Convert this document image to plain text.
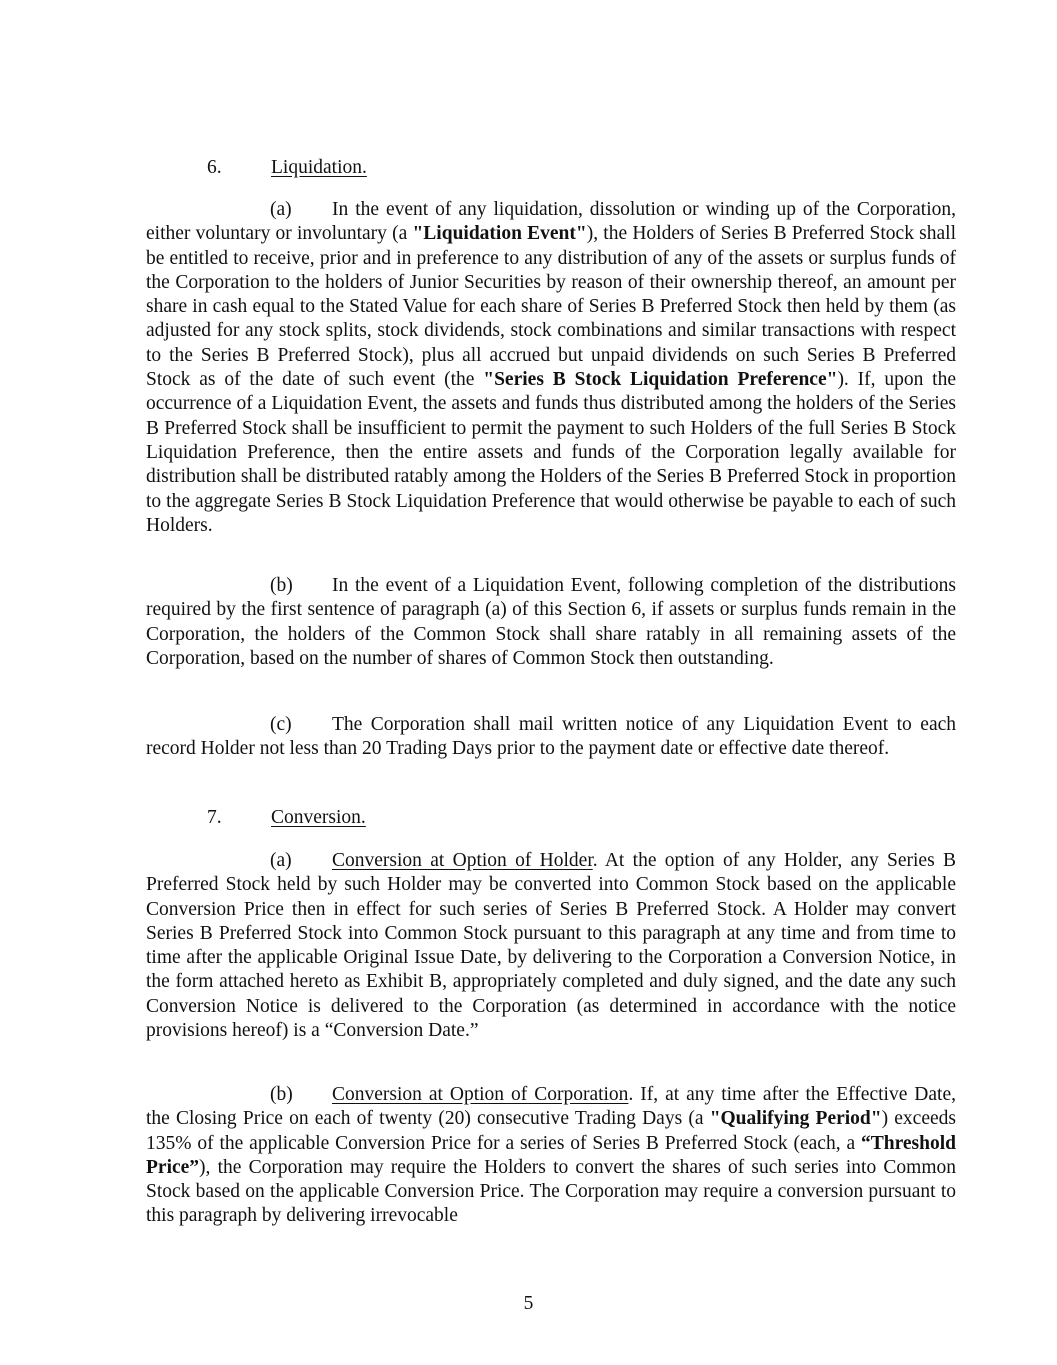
6.	Liquidation.

(a) In the event of any liquidation, dissolution or winding up of the Corporation, either voluntary or involuntary (a "Liquidation Event"), the Holders of Series B Preferred Stock shall be entitled to receive, prior and in preference to any distribution of any of the assets or surplus funds of the Corporation to the holders of Junior Securities by reason of their ownership thereof, an amount per share in cash equal to the Stated Value for each share of Series B Preferred Stock then held by them (as adjusted for any stock splits, stock dividends, stock combinations and similar transactions with respect to the Series B Preferred Stock), plus all accrued but unpaid dividends on such Series B Preferred Stock as of the date of such event (the "Series B Stock Liquidation Preference"). If, upon the occurrence of a Liquidation Event, the assets and funds thus distributed among the holders of the Series B Preferred Stock shall be insufficient to permit the payment to such Holders of the full Series B Stock Liquidation Preference, then the entire assets and funds of the Corporation legally available for distribution shall be distributed ratably among the Holders of the Series B Preferred Stock in proportion to the aggregate Series B Stock Liquidation Preference that would otherwise be payable to each of such Holders.

(b) In the event of a Liquidation Event, following completion of the distributions required by the first sentence of paragraph (a) of this Section 6, if assets or surplus funds remain in the Corporation, the holders of the Common Stock shall share ratably in all remaining assets of the Corporation, based on the number of shares of Common Stock then outstanding.

(c) The Corporation shall mail written notice of any Liquidation Event to each record Holder not less than 20 Trading Days prior to the payment date or effective date thereof.

7.	Conversion.

(a) Conversion at Option of Holder. At the option of any Holder, any Series B Preferred Stock held by such Holder may be converted into Common Stock based on the applicable Conversion Price then in effect for such series of Series B Preferred Stock. A Holder may convert Series B Preferred Stock into Common Stock pursuant to this paragraph at any time and from time to time after the applicable Original Issue Date, by delivering to the Corporation a Conversion Notice, in the form attached hereto as Exhibit B, appropriately completed and duly signed, and the date any such Conversion Notice is delivered to the Corporation (as determined in accordance with the notice provisions hereof) is a “Conversion Date.”

(b) Conversion at Option of Corporation. If, at any time after the Effective Date, the Closing Price on each of twenty (20) consecutive Trading Days (a "Qualifying Period") exceeds 135% of the applicable Conversion Price for a series of Series B Preferred Stock (each, a “Threshold Price”), the Corporation may require the Holders to convert the shares of such series into Common Stock based on the applicable Conversion Price. The Corporation may require a conversion pursuant to this paragraph by delivering irrevocable

5
